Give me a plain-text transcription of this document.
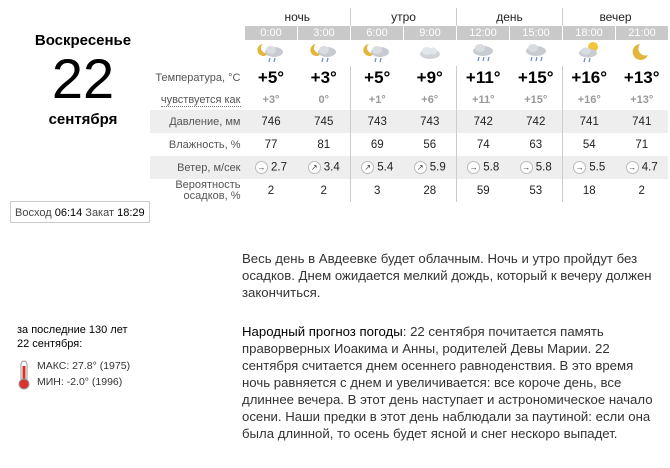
Воскресенье
22
сентября
Восход 06:14 Закат 18:29
	ночь		утро		день		вечер	
	0:00	3:00	6:00	9:00	12:00	15:00	18:00	21:00

Температура, °C	+5°	+3°	+5°	+9°	+11°	+15°	+16°	+13°
чувствуется как	+3°	0°	+1°	+6°	+11°	+15°	+16°	+13°
Давление, мм	746	745	743	743	742	742	741	741
Влажность, %	77	81	69	56	74	63	54	71
Ветер, м/сек	→ 2.7	↗ 3.4	↗ 5.4	↗ 5.9	→ 5.8	→ 5.8	→ 5.5	→ 4.7
Вероятность
осадков, %	2	2	3	28	59	53	18	2
Весь день в Авдеевке будет облачным. Ночь и утро пройдут без осадков. Днем ожидается мелкий дождь, который к вечеру должен закончиться.
Народный прогноз погоды: 22 сентября почитается память праворверных Иоакима и Анны, родителей Девы Марии. 22 сентября считается днем осеннего равноденствия. В это время ночь равняется с днем и увеличивается: все короче день, все длиннее вечера. В этот день наступает и астрономическое начало осени. Наши предки в этот день наблюдали за паутиной: если она была длинной, то осень будет ясной и снег нескоро выпадет.
за последние 130 лет
22 сентября:
МАКС: 27.8° (1975)
МИН: -2.0° (1996)
